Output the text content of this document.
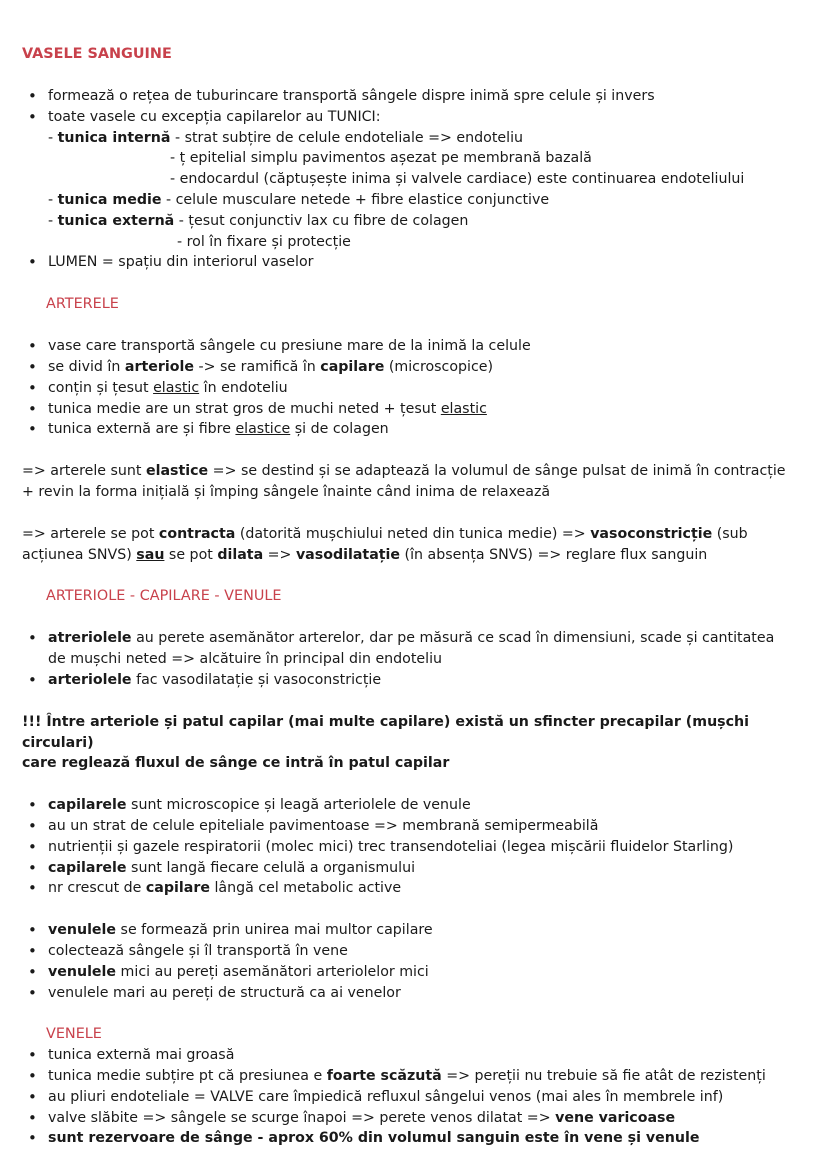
VASELE SANGUINE
• formează o rețea de tuburincare transportă sângele dispre inimă spre celule și invers
• toate vasele cu excepția capilarelor au TUNICI:
- tunica internă - strat subțire de celule endoteliale => endoteliu
- ț epitelial simplu pavimentos așezat pe membrană bazală
- endocardul (căptușește inima și valvele cardiace) este continuarea endoteliului
- tunica medie - celule musculare netede + fibre elastice conjunctive
- tunica externă - țesut conjunctiv lax cu fibre de colagen
- rol în fixare și protecție
• LUMEN = spațiu din interiorul vaselor
ARTERELE
• vase care transportă sângele cu presiune mare de la inimă la celule
• se divid în arteriole -> se ramifică în capilare (microscopice)
• conțin și țesut elastic în endoteliu
• tunica medie are un strat gros de muchi neted + țesut elastic
• tunica externă are și fibre elastice și de colagen

=> arterele sunt elastice => se destind și se adaptează la volumul de sânge pulsat de inimă în contracție
+ revin la forma inițială și împing sângele înainte când inima de relaxează

=> arterele se pot contracta (datorită mușchiului neted din tunica medie) => vasoconstricție (sub
acțiunea SNVS) sau se pot dilata => vasodilatație (în absența SNVS) => reglare flux sanguin

ARTERIOLE - CAPILARE - VENULE
• atreriolele au perete asemănător arterelor, dar pe măsură ce scad în dimensiuni, scade și cantitatea
de mușchi neted => alcătuire în principal din endoteliu
• arteriolele fac vasodilatație și vasoconstricție

!!! Între arteriole și patul capilar (mai multe capilare) există un sfincter precapilar (mușchi circulari)
care reglează fluxul de sânge ce intră în patul capilar

• capilarele sunt microscopice și leagă arteriolele de venule
• au un strat de celule epiteliale pavimentoase => membrană semipermeabilă
• nutrienții și gazele respiratorii (molec mici) trec transendoteliai (legea mișcării fluidelor Starling)
• capilarele sunt langă fiecare celulă a organismului
• nr crescut de capilare lângă cel metabolic active
• venulele se formează prin unirea mai multor capilare
• colectează sângele și îl transportă în vene
• venulele mici au pereți asemănători arteriolelor mici
• venulele mari au pereți de structură ca ai venelor
VENELE
• tunica externă mai groasă
• tunica medie subțire pt că presiunea e foarte scăzută => pereții nu trebuie să fie atât de rezistenți
• au pliuri endoteliale = VALVE care împiedică refluxul sângelui venos (mai ales în membrele inf)
• valve slăbite => sângele se scurge înapoi => perete venos dilatat => vene varicoase
• sunt rezervoare de sânge - aprox 60% din volumul sanguin este în vene și venule
